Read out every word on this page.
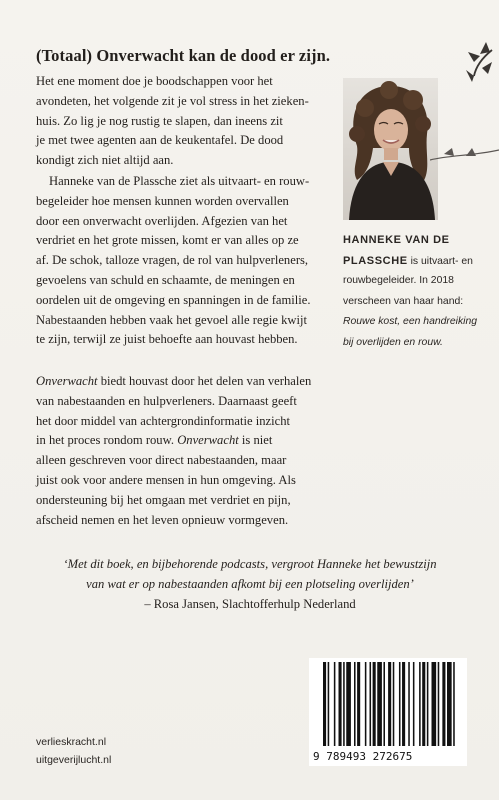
(Totaal) Onverwacht kan de dood er zijn.
Het ene moment doe je boodschappen voor het
avondeten, het volgende zit je vol stress in het zieken-
huis. Zo lig je nog rustig te slapen, dan ineens zit
je met twee agenten aan de keukentafel. De dood
kondigt zich niet altijd aan.
Hanneke van de Plassche ziet als uitvaart- en rouw-
begeleider hoe mensen kunnen worden overvallen
door een onverwacht overlijden. Afgezien van het
verdriet en het grote missen, komt er van alles op ze
af. De schok, talloze vragen, de rol van hulpverleners,
gevoelens van schuld en schaamte, de meningen en
oordelen uit de omgeving en spanningen in de familie.
Nabestaanden hebben vaak het gevoel alle regie kwijt
te zijn, terwijl ze juist behoefte aan houvast hebben.
Onverwacht biedt houvast door het delen van verhalen
van nabestaanden en hulpverleners. Daarnaast geeft
het door middel van achtergrondinformatie inzicht
in het proces rondom rouw. Onverwacht is niet
alleen geschreven voor direct nabestaanden, maar
juist ook voor andere mensen in hun omgeving. Als
ondersteuning bij het omgaan met verdriet en pijn,
afscheid nemen en het leven opnieuw vormgeven.
HANNEKE VAN DE
PLASSCHE is uitvaart- en
rouwbegeleider. In 2018
verscheen van haar hand:
Rouwe kost, een handreiking
bij overlijden en rouw.
‘Met dit boek, en bijbehorende podcasts, vergroot Hanneke het bewustzijn
van wat er op nabestaanden afkomt bij een plotseling overlijden’
– Rosa Jansen, Slachtofferhulp Nederland
verlieskracht.nl
uitgeverijlucht.nl	9 789493 272675
